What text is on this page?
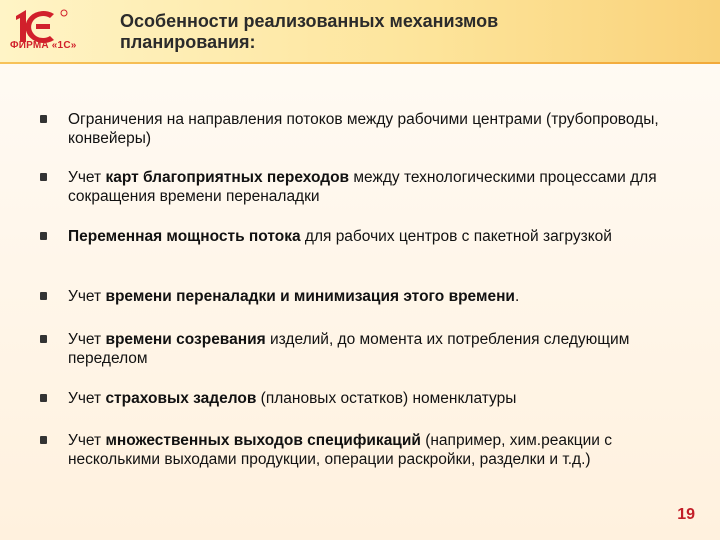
ФИРМА «1С»
Особенности реализованных механизмов планирования:
Ограничения на направления потоков между рабочими центрами (трубопроводы, конвейеры)
Учет карт благоприятных переходов между технологическими процессами для сокращения времени переналадки
Переменная мощность потока для рабочих центров с пакетной загрузкой
Учет времени переналадки и минимизация этого времени.
Учет времени созревания изделий, до момента их потребления следующим переделом
Учет страховых заделов (плановых остатков) номенклатуры
Учет множественных выходов спецификаций (например, хим.реакции с несколькими выходами продукции, операции раскройки, разделки и т.д.)
19
